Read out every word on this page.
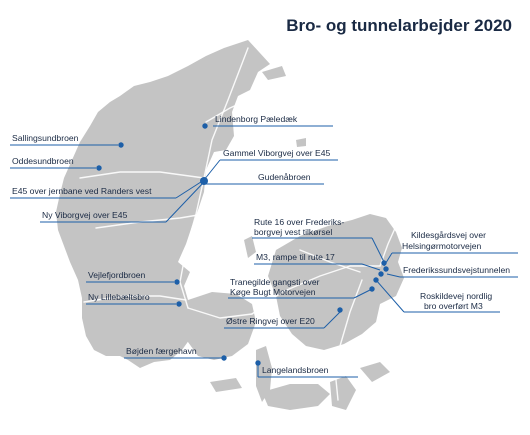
Bro- og tunnelarbejder 2020
Lindenborg Pæledæk
Sallingsundbroen
Oddesundbroen
Gammel Viborgvej over E45
Gudenåbroen
E45 over jernbane ved Randers vest
Ny Viborgvej over E45
Rute 16 over Frederiks-
borgvej vest tilkørsel	Kildesgårdsvej over
Helsingørmotorvejen
M3, rampe til rute 17
Frederikssundsvejstunnelen
Vejlefjordbroen
Tranegilde gangsti over
Køge Bugt Motorvejen	Roskildevej nordlig
bro overført M3
Ny Lillebæltsbro
Østre Ringvej over E20
Bøjden færgehavn
Langelandsbroen
